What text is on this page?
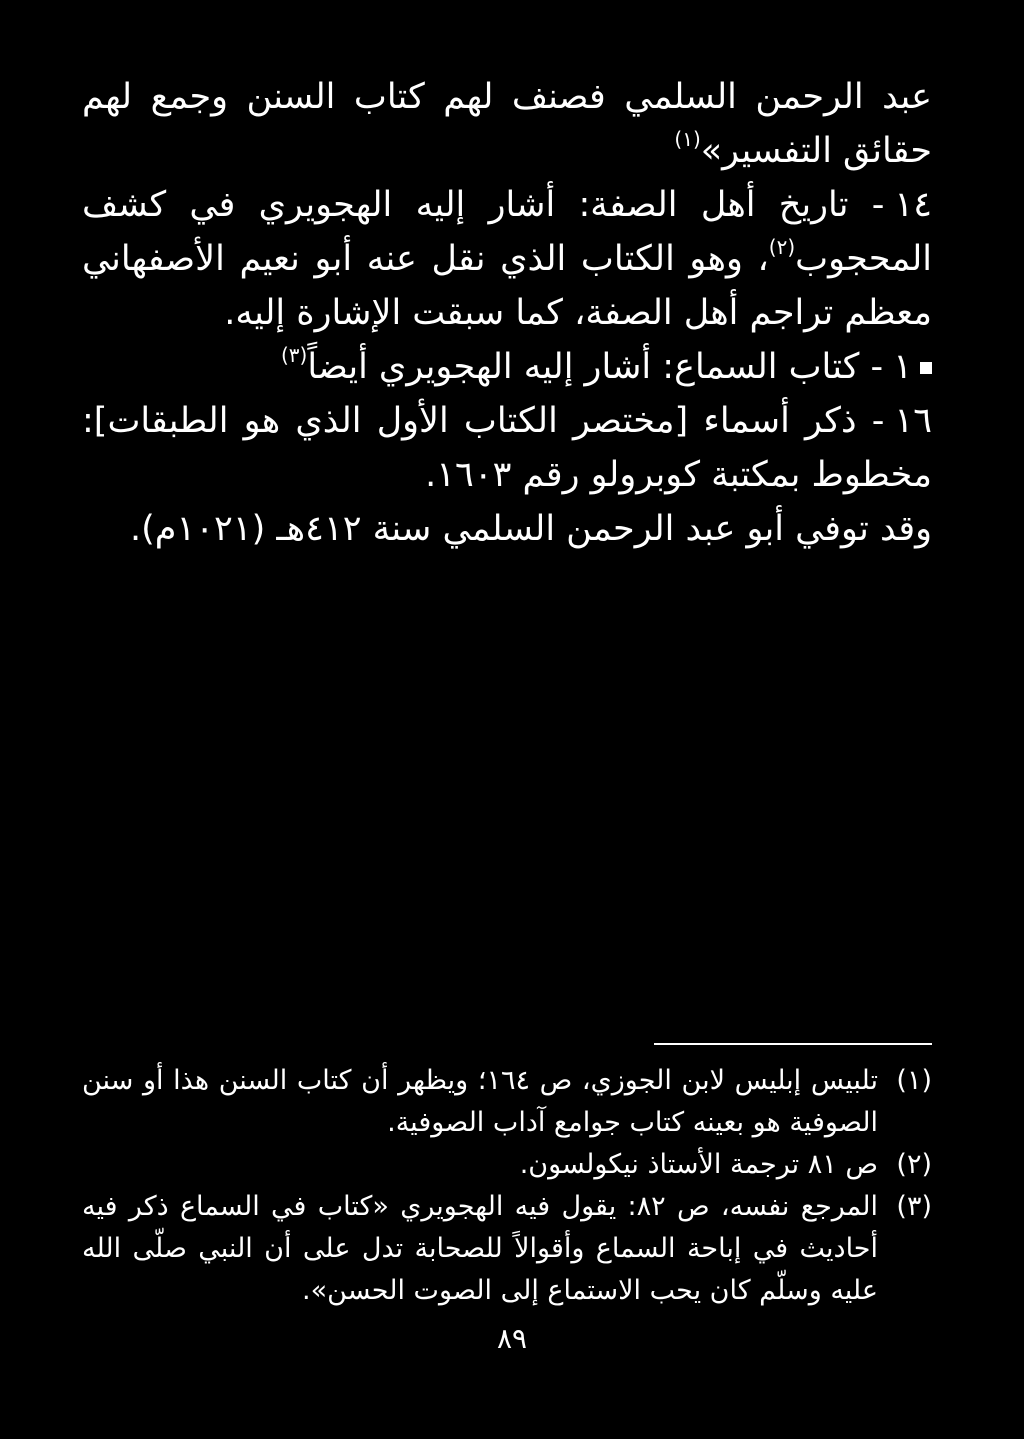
عبد الرحمن السلمي فصنف لهم كتاب السنن وجمع لهم حقائق التفسير»$^{(١)}$

١٤- تاريخ أهل الصفة: أشار إليه الهجويري في كشف المحجوب$^{(٢)}$، وهو الكتاب الذي نقل عنه أبو نعيم الأصفهاني معظم تراجم أهل الصفة، كما سبقت الإشارة إليه.

١- كتاب السماع: أشار إليه الهجويري أيضاً$^{(٣)}$

١٦- ذكر أسماء [مختصر الكتاب الأول الذي هو الطبقات]: مخطوط بمكتبة كوبرولو رقم ١٦٠٣.

وقد توفي أبو عبد الرحمن السلمي سنة ٤١٢هـ (١٠٢١م).

(١)
تلبيس إبليس لابن الجوزي، ص ١٦٤؛ ويظهر أن كتاب السنن هذا أو سنن الصوفية هو بعينه كتاب جوامع آداب الصوفية.
(٢)
ص ٨١ ترجمة الأستاذ نيكولسون.
(٣)
المرجع نفسه، ص ٨٢: يقول فيه الهجويري «كتاب في السماع ذكر فيه أحاديث في إباحة السماع وأقوالاً للصحابة تدل على أن النبي صلّى الله عليه وسلّم كان يحب الاستماع إلى الصوت الحسن».
٨٩
